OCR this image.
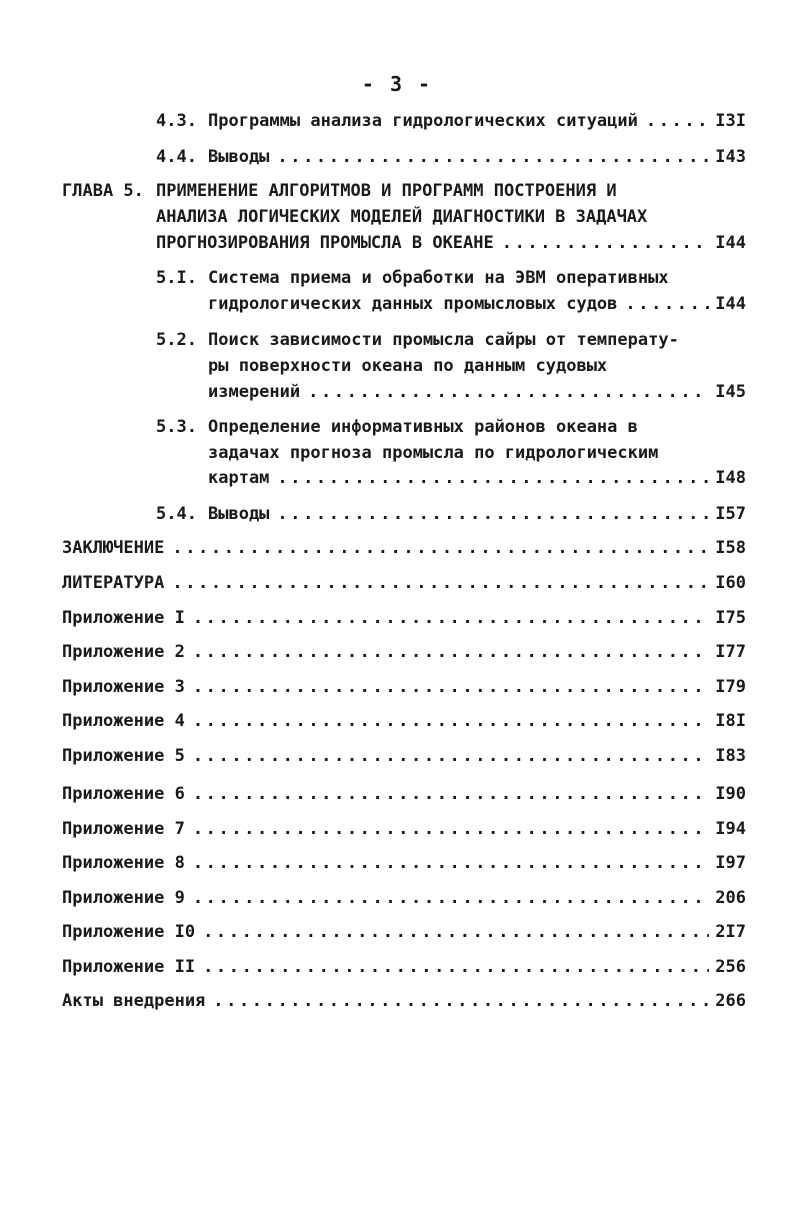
- 3 -
4.3. Программы анализа гидрологических ситуаций .....	I3I
4.4. Выводы .....	I43
ГЛАВА 5. ПРИМЕНЕНИЕ АЛГОРИТМОВ И ПРОГРАММ ПОСТРОЕНИЯ И
АНАЛИЗА ЛОГИЧЕСКИХ МОДЕЛЕЙ ДИАГНОСТИКИ В ЗАДАЧАХ
ПРОГНОЗИРОВАНИЯ ПРОМЫСЛА В ОКЕАНЕ .....	I44
5.I. Система приема и обработки на ЭВМ оперативных
гидрологических данных промысловых судов .....	I44
5.2. Поиск зависимости промысла сайры от температу-
ры поверхности океана по данным судовых
измерений .....	I45
5.3. Определение информативных районов океана в
задачах прогноза промысла по гидрологическим
картам .....	I48
5.4. Выводы .....	I57
ЗАКЛЮЧЕНИЕ .....	I58
ЛИТЕРАТУРА .....	I60
Приложение I .....	I75
Приложение 2 .....	I77
Приложение 3 .....	I79
Приложение 4 .....	I8I
Приложение 5 .....	I83
Приложение 6 .....	I90
Приложение 7 .....	I94
Приложение 8 .....	I97
Приложение 9 .....	206
Приложение I0 .....	2I7
Приложение II .....	256
Акты внедрения .....	266
